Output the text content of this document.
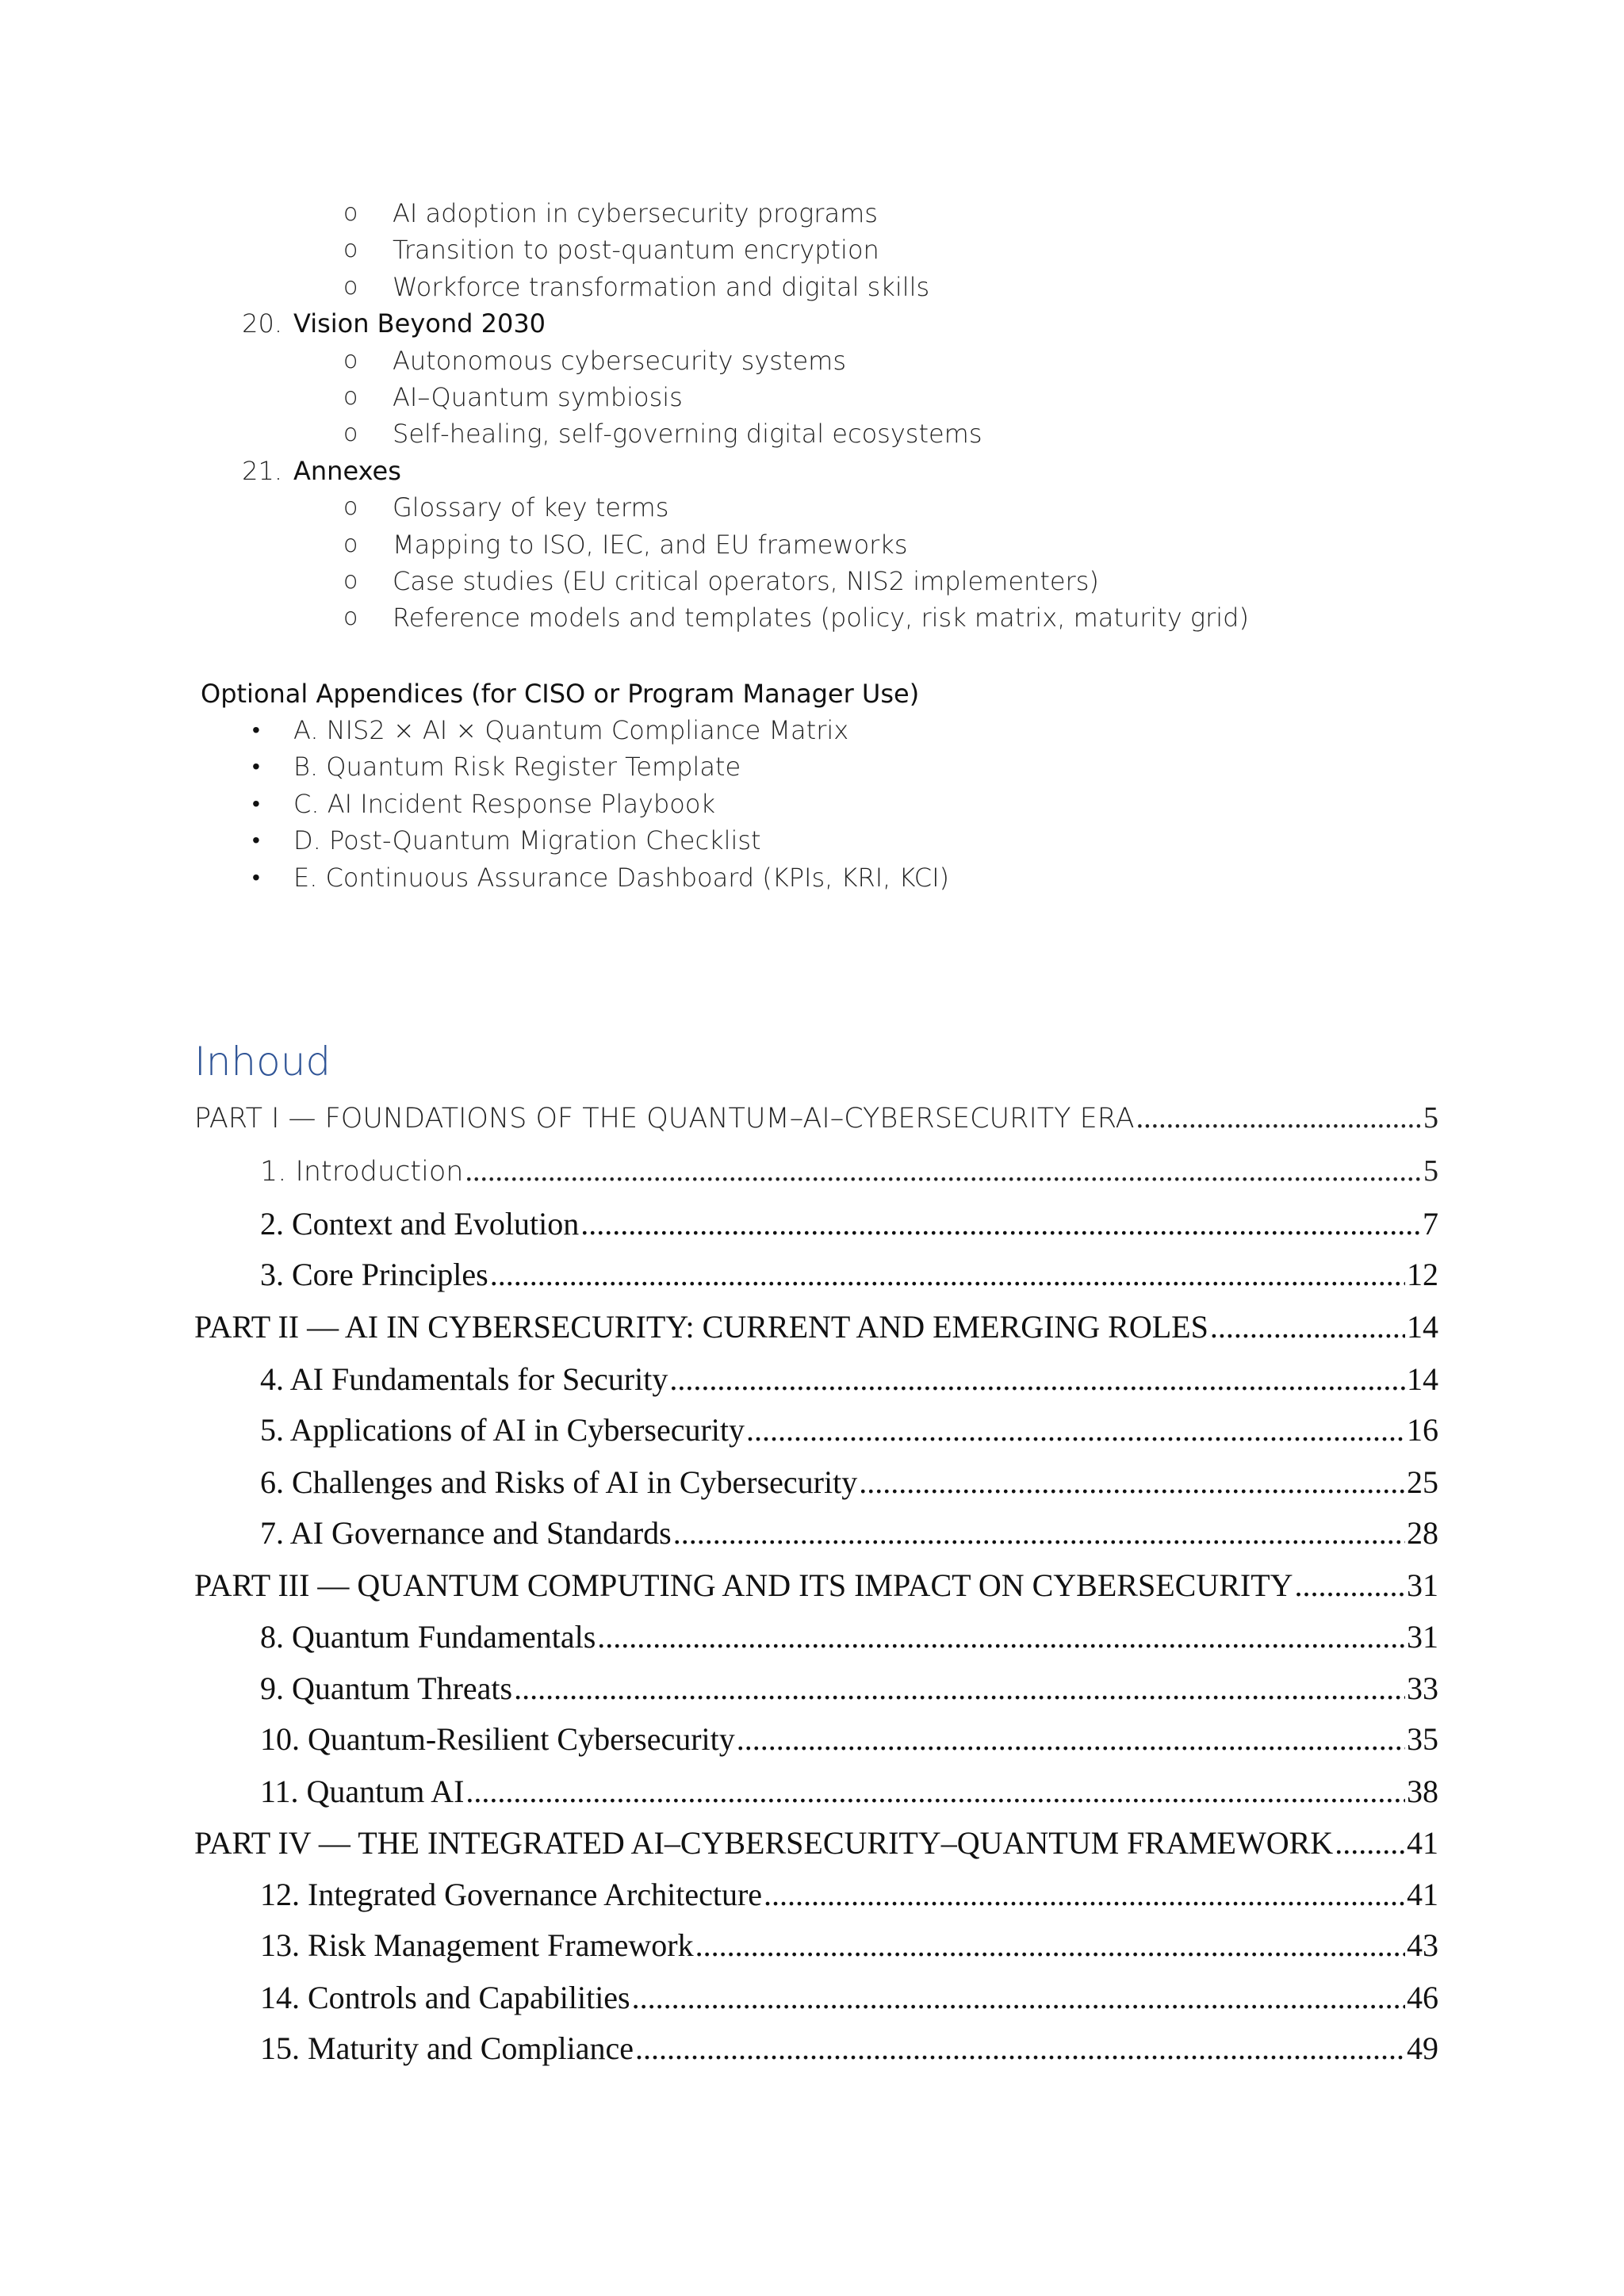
o AI adoption in cybersecurity programs
o Transition to post-quantum encryption
o Workforce transformation and digital skills
20. Vision Beyond 2030
o Autonomous cybersecurity systems
o AI–Quantum symbiosis
o Self-healing, self-governing digital ecosystems
21. Annexes
o Glossary of key terms
o Mapping to ISO, IEC, and EU frameworks
o Case studies (EU critical operators, NIS2 implementers)
o Reference models and templates (policy, risk matrix, maturity grid)
Optional Appendices (for CISO or Program Manager Use)
• A. NIS2 × AI × Quantum Compliance Matrix
• B. Quantum Risk Register Template
• C. AI Incident Response Playbook
• D. Post-Quantum Migration Checklist
• E. Continuous Assurance Dashboard (KPIs, KRI, KCI)
Inhoud
PART I — FOUNDATIONS OF THE QUANTUM–AI–CYBERSECURITY ERA .....	5
1. Introduction .....	5
2. Context and Evolution .....	7
3. Core Principles .....	12
PART II — AI IN CYBERSECURITY: CURRENT AND EMERGING ROLES .....	14
4. AI Fundamentals for Security .....	14
5. Applications of AI in Cybersecurity .....	16
6. Challenges and Risks of AI in Cybersecurity .....	25
7. AI Governance and Standards .....	28
PART III — QUANTUM COMPUTING AND ITS IMPACT ON CYBERSECURITY .....	31
8. Quantum Fundamentals .....	31
9. Quantum Threats .....	33
10. Quantum-Resilient Cybersecurity .....	35
11. Quantum AI .....	38
PART IV — THE INTEGRATED AI–CYBERSECURITY–QUANTUM FRAMEWORK ..... 41
12. Integrated Governance Architecture .....	41
13. Risk Management Framework .....	43
14. Controls and Capabilities .....	46
15. Maturity and Compliance .....	49
